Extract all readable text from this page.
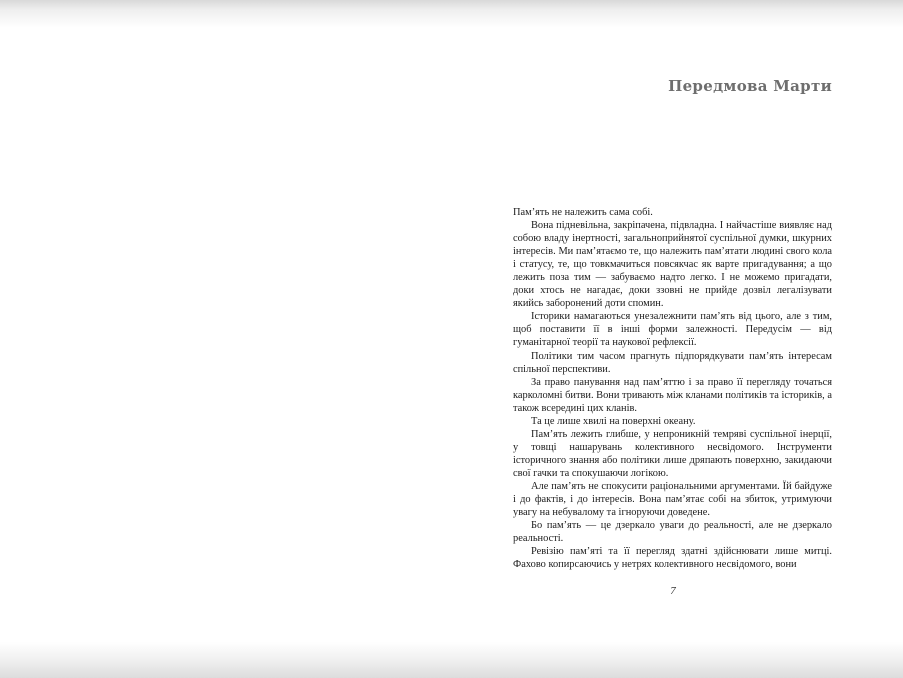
Передмова Марти

Пам’ять не належить сама собі.

Вона підневільна, закріпачена, підвладна. І найчастіше виявляє над собою владу інертності, загальноприйнятої суспільної думки, шкурних інтересів. Ми пам’ятаємо те, що належить пам’ятати людині свого кола і статусу, те, що товкмачиться повсякчас як варте пригадування; а що лежить поза тим — забуваємо надто легко. І не можемо пригадати, доки хтось не нагадає, доки ззовні не прийде дозвіл легалізувати якийсь заборонений доти спомин.

Історики намагаються унезалежнити пам’ять від цього, але з тим, щоб поставити її в інші форми залежності. Передусім — від гуманітарної теорії та наукової рефлексії.

Політики тим часом прагнуть підпорядкувати пам’ять інтересам спільної перспективи.

За право панування над пам’яттю і за право її перегляду точаться карколомні битви. Вони тривають між кланами політиків та істориків, а також всередині цих кланів.

Та це лише хвилі на поверхні океану.

Пам’ять лежить глибше, у непроникній темряві суспільної інерції, у товщі нашарувань колективного несвідомого. Інструменти історичного знання або політики лише дряпають поверхню, закидаючи свої гачки та спокушаючи логікою.

Але пам’ять не спокусити раціональними аргументами. Їй байдуже і до фактів, і до інтересів. Вона пам’ятає собі на збиток, утримуючи увагу на небувалому та ігноруючи доведене.

Бо пам’ять — це дзеркало уваги до реальності, але не дзеркало реальності.

Ревізію пам’яті та її перегляд здатні здійснювати лише митці. Фахово копирсаючись у нетрях колективного несвідомого, вони

7
